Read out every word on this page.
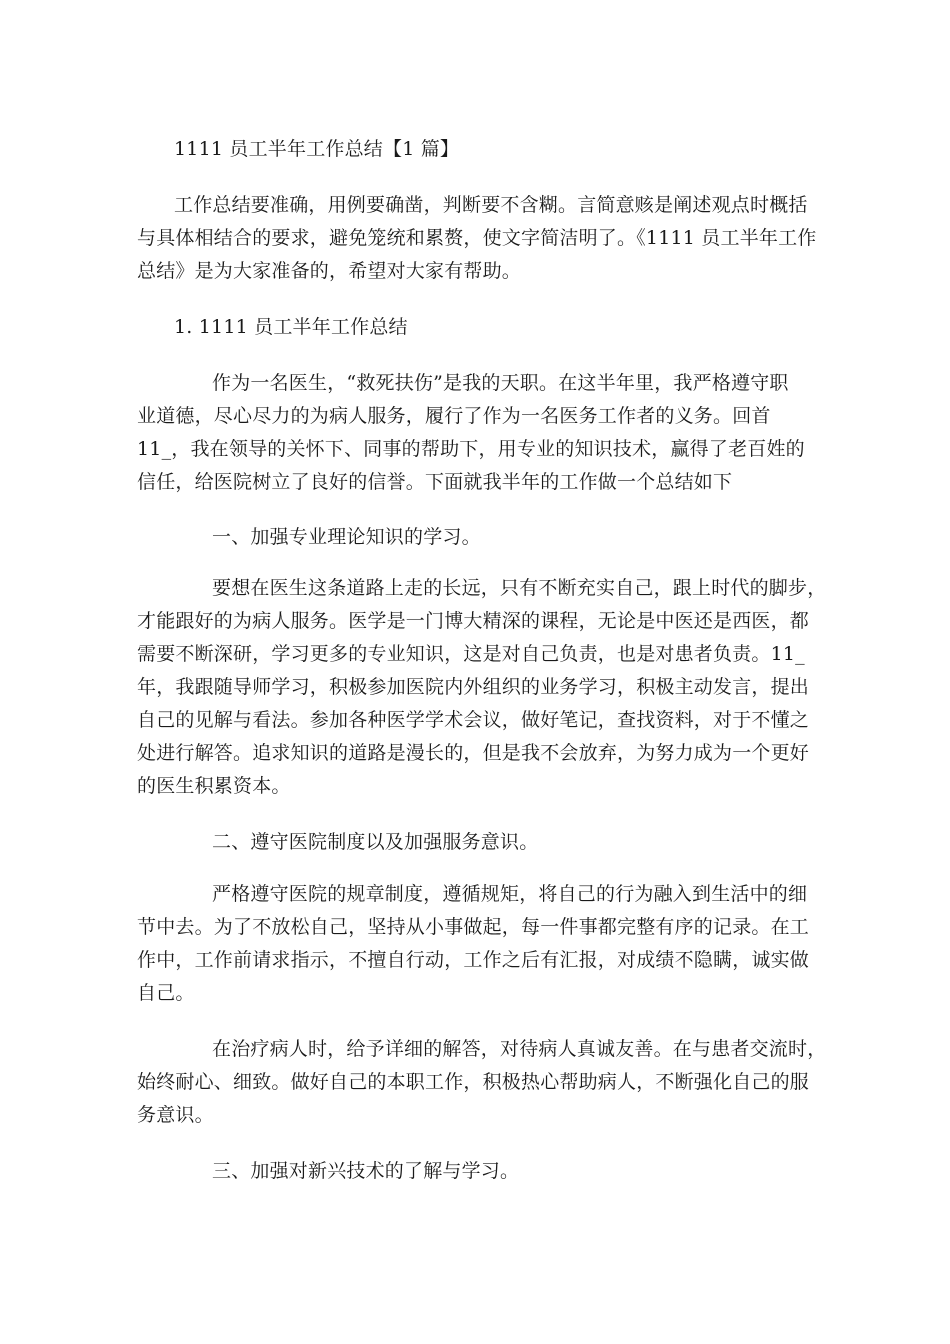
1111 员工半年工作总结【1 篇】
工作总结要准确，用例要确凿，判断要不含糊。言简意赅是阐述观点时概括
与具体相结合的要求，避免笼统和累赘，使文字简洁明了。《1111 员工半年工作
总结》是为大家准备的，希望对大家有帮助。
1. 1111 员工半年工作总结
作为一名医生，“救死扶伤”是我的天职。在这半年里，我严格遵守职
业道德，尽心尽力的为病人服务，履行了作为一名医务工作者的义务。回首
11_，我在领导的关怀下、同事的帮助下，用专业的知识技术，赢得了老百姓的
信任，给医院树立了良好的信誉。下面就我半年的工作做一个总结如下
一、加强专业理论知识的学习。
要想在医生这条道路上走的长远，只有不断充实自己，跟上时代的脚步，
才能跟好的为病人服务。医学是一门博大精深的课程，无论是中医还是西医，都
需要不断深研，学习更多的专业知识，这是对自己负责，也是对患者负责。11_
年，我跟随导师学习，积极参加医院内外组织的业务学习，积极主动发言，提出
自己的见解与看法。参加各种医学学术会议，做好笔记，查找资料，对于不懂之
处进行解答。追求知识的道路是漫长的，但是我不会放弃，为努力成为一个更好
的医生积累资本。
二、遵守医院制度以及加强服务意识。
严格遵守医院的规章制度，遵循规矩，将自己的行为融入到生活中的细
节中去。为了不放松自己，坚持从小事做起，每一件事都完整有序的记录。在工
作中，工作前请求指示，不擅自行动，工作之后有汇报，对成绩不隐瞒，诚实做
自己。
在治疗病人时，给予详细的解答，对待病人真诚友善。在与患者交流时，
始终耐心、细致。做好自己的本职工作，积极热心帮助病人，不断强化自己的服
务意识。
三、加强对新兴技术的了解与学习。
